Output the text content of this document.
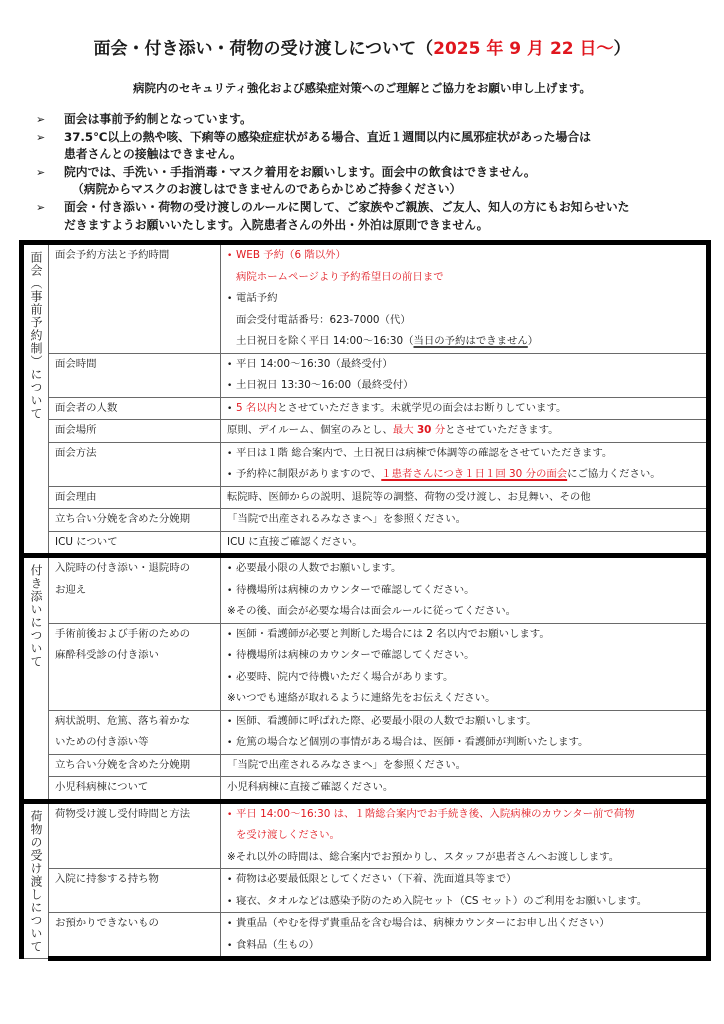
面会・付き添い・荷物の受け渡しについて（2025 年 9 月 22 日～）
病院内のセキュリティ強化および感染症対策へのご理解とご協力をお願い申し上げます。
➢ 面会は事前予約制となっています。
➢ 37.5℃以上の熱や咳、下痢等の感染症症状がある場合、直近１週間以内に風邪症状があった場合は
患者さんとの接触はできません。
➢ 院内では、手洗い・手指消毒・マスク着用をお願いします。面会中の飲食はできません。
（病院からマスクのお渡しはできませんのであらかじめご持参ください）
➢ 面会・付き添い・荷物の受け渡しのルールに関して、ご家族やご親族、ご友人、知人の方にもお知らせいた
だきますようお願いいたします。入院患者さんの外出・外泊は原則できません。
面会（事前予約制）について	面会予約方法と予約時間	• WEB 予約（6 階以外）
病院ホームページより予約希望日の前日まで
• 電話予約
面会受付電話番号：623-7000（代）
土日祝日を除く平日 14:00～16:30（当日の予約はできません）

	面会時間	• 平日 14:00～16:30（最終受付）
• 土日祝日 13:30～16:00（最終受付）

	面会者の人数	• 5 名以内とさせていただきます。未就学児の面会はお断りしています。

	面会場所	原則、デイルーム、個室のみとし、最大 30 分とさせていただきます。

	面会方法	• 平日は１階 総合案内で、土日祝日は病棟で体調等の確認をさせていただきます。
• 予約枠に制限がありますので、１患者さんにつき１日１回 30 分の面会にご協力ください。

	面会理由	転院時、医師からの説明、退院等の調整、荷物の受け渡し、お見舞い、その他

	立ち合い分娩を含めた分娩期	「当院で出産されるみなさまへ」を参照ください。

	ICU について	ICU に直接ご確認ください。

付き添いについて	入院時の付き添い・退院時の
お迎え	• 必要最小限の人数でお願いします。
• 待機場所は病棟のカウンターで確認してください。
※その後、面会が必要な場合は面会ルールに従ってください。

	手術前後および手術のための
麻酔科受診の付き添い	• 医師・看護師が必要と判断した場合には 2 名以内でお願いします。
• 待機場所は病棟のカウンターで確認してください。
• 必要時、院内で待機いただく場合があります。
※いつでも連絡が取れるように連絡先をお伝えください。

	病状説明、危篤、落ち着かな
いための付き添い等	• 医師、看護師に呼ばれた際、必要最小限の人数でお願いします。
• 危篤の場合など個別の事情がある場合は、医師・看護師が判断いたします。

	立ち合い分娩を含めた分娩期	「当院で出産されるみなさまへ」を参照ください。

	小児科病棟について	小児科病棟に直接ご確認ください。

荷物の受け渡しについて	荷物受け渡し受付時間と方法	• 平日 14:00～16:30 は、１階総合案内でお手続き後、入院病棟のカウンター前で荷物
を受け渡しください。
※それ以外の時間は、総合案内でお預かりし、スタッフが患者さんへお渡しします。

	入院に持参する持ち物	• 荷物は必要最低限としてください（下着、洗面道具等まで）
• 寝衣、タオルなどは感染予防のため入院セット（CS セット）のご利用をお願いします。

	お預かりできないもの	• 貴重品（やむを得ず貴重品を含む場合は、病棟カウンターにお申し出ください）
• 食料品（生もの）
